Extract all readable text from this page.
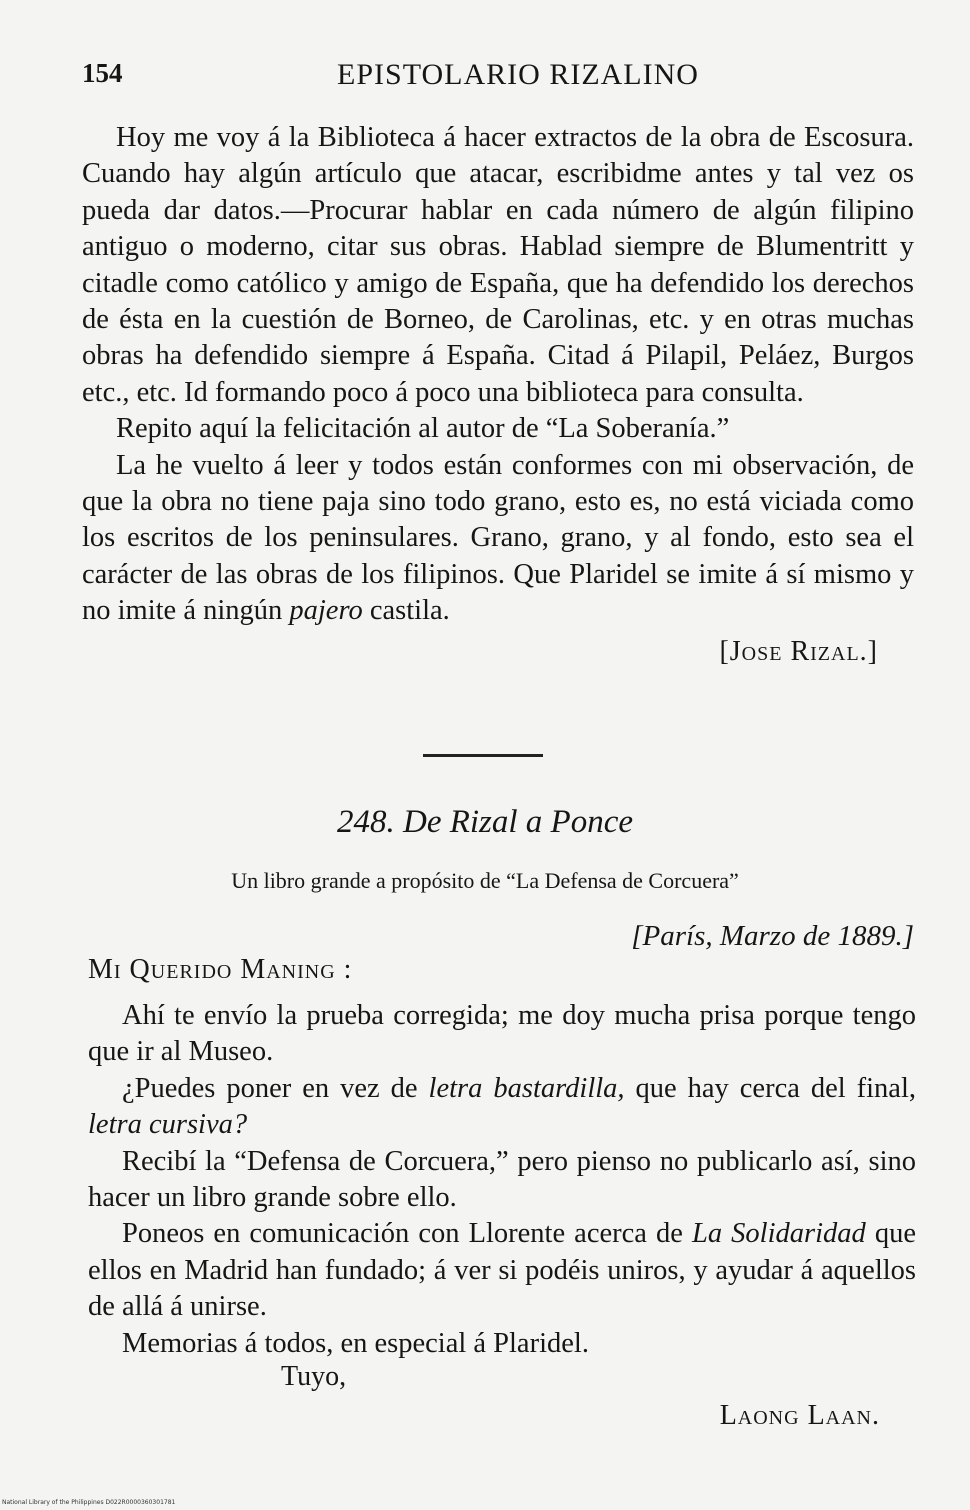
154	EPISTOLARIO RIZALINO

Hoy me voy á la Biblioteca á hacer extractos de la obra de Escosura. Cuando hay algún artículo que atacar, escribidme antes y tal vez os pueda dar datos.—Procurar hablar en cada número de algún filipino antiguo o moderno, citar sus obras. Hablad siempre de Blumentritt y citadle como católico y amigo de España, que ha defendido los derechos de ésta en la cuestión de Borneo, de Carolinas, etc. y en otras muchas obras ha defendido siempre á España. Citad á Pilapil, Peláez, Burgos etc., etc. Id formando poco á poco una biblioteca para consulta.

Repito aquí la felicitación al autor de “La Soberanía.”

La he vuelto á leer y todos están conformes con mi observación, de que la obra no tiene paja sino todo grano, esto es, no está viciada como los escritos de los peninsulares. Grano, grano, y al fondo, esto sea el carácter de las obras de los filipinos. Que Plaridel se imite á sí mismo y no imite á ningún pajero castila.

[Jose Rizal.]
248. De Rizal a Ponce
Un libro grande a propósito de “La Defensa de Corcuera”
[París, Marzo de 1889.]
Mi Querido Maning :

Ahí te envío la prueba corregida; me doy mucha prisa porque tengo que ir al Museo.

¿Puedes poner en vez de letra bastardilla, que hay cerca del final, letra cursiva?

Recibí la “Defensa de Corcuera,” pero pienso no publicarlo así, sino hacer un libro grande sobre ello.

Poneos en comunicación con Llorente acerca de La Solidaridad que ellos en Madrid han fundado; á ver si podéis uniros, y ayudar á aquellos de allá á unirse.

Memorias á todos, en especial á Plaridel.

Tuyo,
Laong Laan.
National Library of the Philippines D022R0000360301781
